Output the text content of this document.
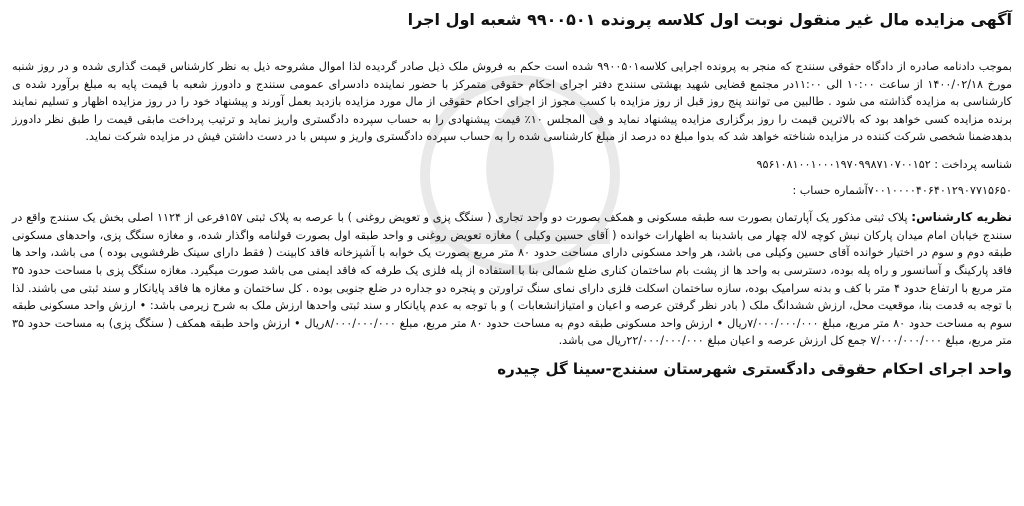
آگهی مزایده مال غیر منقول نوبت اول کلاسه پرونده ۹۹۰۰۵۰۱ شعبه اول اجرا

بموجب دادنامه صادره از دادگاه حقوقی سنندج که منجر به پرونده اجرایی کلاسه۹۹۰۰۵۰۱ شده است حکم به فروش ملک ذیل صادر گردیده لذا اموال مشروحه ذیل به نظر کارشناس قیمت گذاری شده و در روز شنبه مورخ ۱۴۰۰/۰۲/۱۸ از ساعت ۱۰:۰۰ الی ۱۱:۰۰در مجتمع قضایی شهید بهشتی سنندج دفتر اجرای احکام حقوقی متمرکز با حضور نماینده دادسرای عمومی سنندج و دادورز شعبه با قیمت پایه به مبلغ برآورد شده ی کارشناسی به مزایده گذاشته می شود . طالبین می توانند پنج روز قبل از روز مزایده با کسب مجوز از اجرای احکام حقوقی از مال مورد مزایده بازدید بعمل آورند و پیشنهاد خود را در روز مزایده اظهار و تسلیم نمایند برنده مزایده کسی خواهد بود که بالاترین قیمت را روز برگزاری مزایده پیشنهاد نماید و فی المجلس ۱۰٪ قیمت پیشنهادی را به حساب سپرده دادگستری واریز نماید و ترتیب پرداخت مابقی قیمت را طبق نظر دادورز بدهدضمنا شخصی شرکت کننده در مزایده شناخته خواهد شد که بدوا مبلغ ده درصد از مبلغ کارشناسی شده را به حساب سپرده دادگستری واریز و سپس با در دست داشتن فیش در مزایده شرکت نماید.

شناسه پرداخت : ۹۵۶۱۰۸۱۰۰۱۰۰۰۱۹۷۰۹۹۸۷۱۰۷۰۰۱۵۲

۷۰۰۱۰۰۰۰۴۰۶۴۰۱۲۹۰۷۷۱۵۶۵۰آشماره حساب :

نظریه کارشناس: پلاک ثبتی مذکور یک آپارتمان بصورت سه طبقه مسکونی و همکف بصورت دو واحد تجاری ( سنگگ پزی و تعویض روغنی ) با عرصه به پلاک ثبتی ۱۵۷فرعی از ۱۱۲۴ اصلی بخش یک سنندج واقع در سنندج خیابان امام میدان پارکان نبش کوچه لاله چهار می باشدبنا به اظهارات خوانده ( آقای حسین وکیلی ) مغازه تعویض روغنی و واحد طبقه اول بصورت قولنامه واگذار شده، و مغازه سنگگ پزی، واحدهای مسکونی طبقه دوم و سوم در اختیار خوانده آقای حسین وکیلی می باشد، هر واحد مسکونی دارای مساحت حدود ۸۰ متر مربع بصورت یک خوابه با آشپزخانه فاقد کابینت ( فقط دارای سینک ظرفشویی بوده ) می باشد، واحد ها فاقد پارکینگ و آسانسور و راه پله بوده، دسترسی به واحد ها از پشت بام ساختمان کناری ضلع شمالی بنا با استفاده از پله فلزی یک طرفه که فاقد ایمنی می باشد صورت میگیرد. مغازه سنگگ پزی با مساحت حدود ۳۵ متر مربع با ارتفاع حدود ۴ متر با کف و بدنه سرامیک بوده، سازه ساختمان اسکلت فلزی دارای نمای سنگ تراورتن و پنجره دو جداره در ضلع جنوبی بوده . کل ساختمان و مغازه ها فاقد پایانکار و سند ثبتی می باشند. لذا با توجه به قدمت بنا، موقعیت محل، ارزش ششدانگ ملک ( بادر نظر گرفتن عرصه و اعیان و امتیازانشعابات ) و با توجه به عدم پایانکار و سند ثبتی واحدها ارزش ملک به شرح زیرمی باشد: • ارزش واحد مسکونی طبقه سوم به مساحت حدود ۸۰ متر مربع، مبلغ ۷/۰۰۰/۰۰۰/۰۰۰ریال • ارزش واحد مسکونی طبقه دوم به مساحت حدود ۸۰ متر مربع، مبلغ ۸/۰۰۰/۰۰۰/۰۰۰ریال • ارزش واحد طبقه همکف ( سنگگ پزی) به مساحت حدود ۳۵ متر مربع، مبلغ ۷/۰۰۰/۰۰۰/۰۰۰ جمع کل ارزش عرصه و اعیان مبلغ ۲۲/۰۰۰/۰۰۰/۰۰۰ریال می باشد.

واحد اجرای احکام حقوقی دادگستری شهرستان سنندج-سینا گل چیدره
